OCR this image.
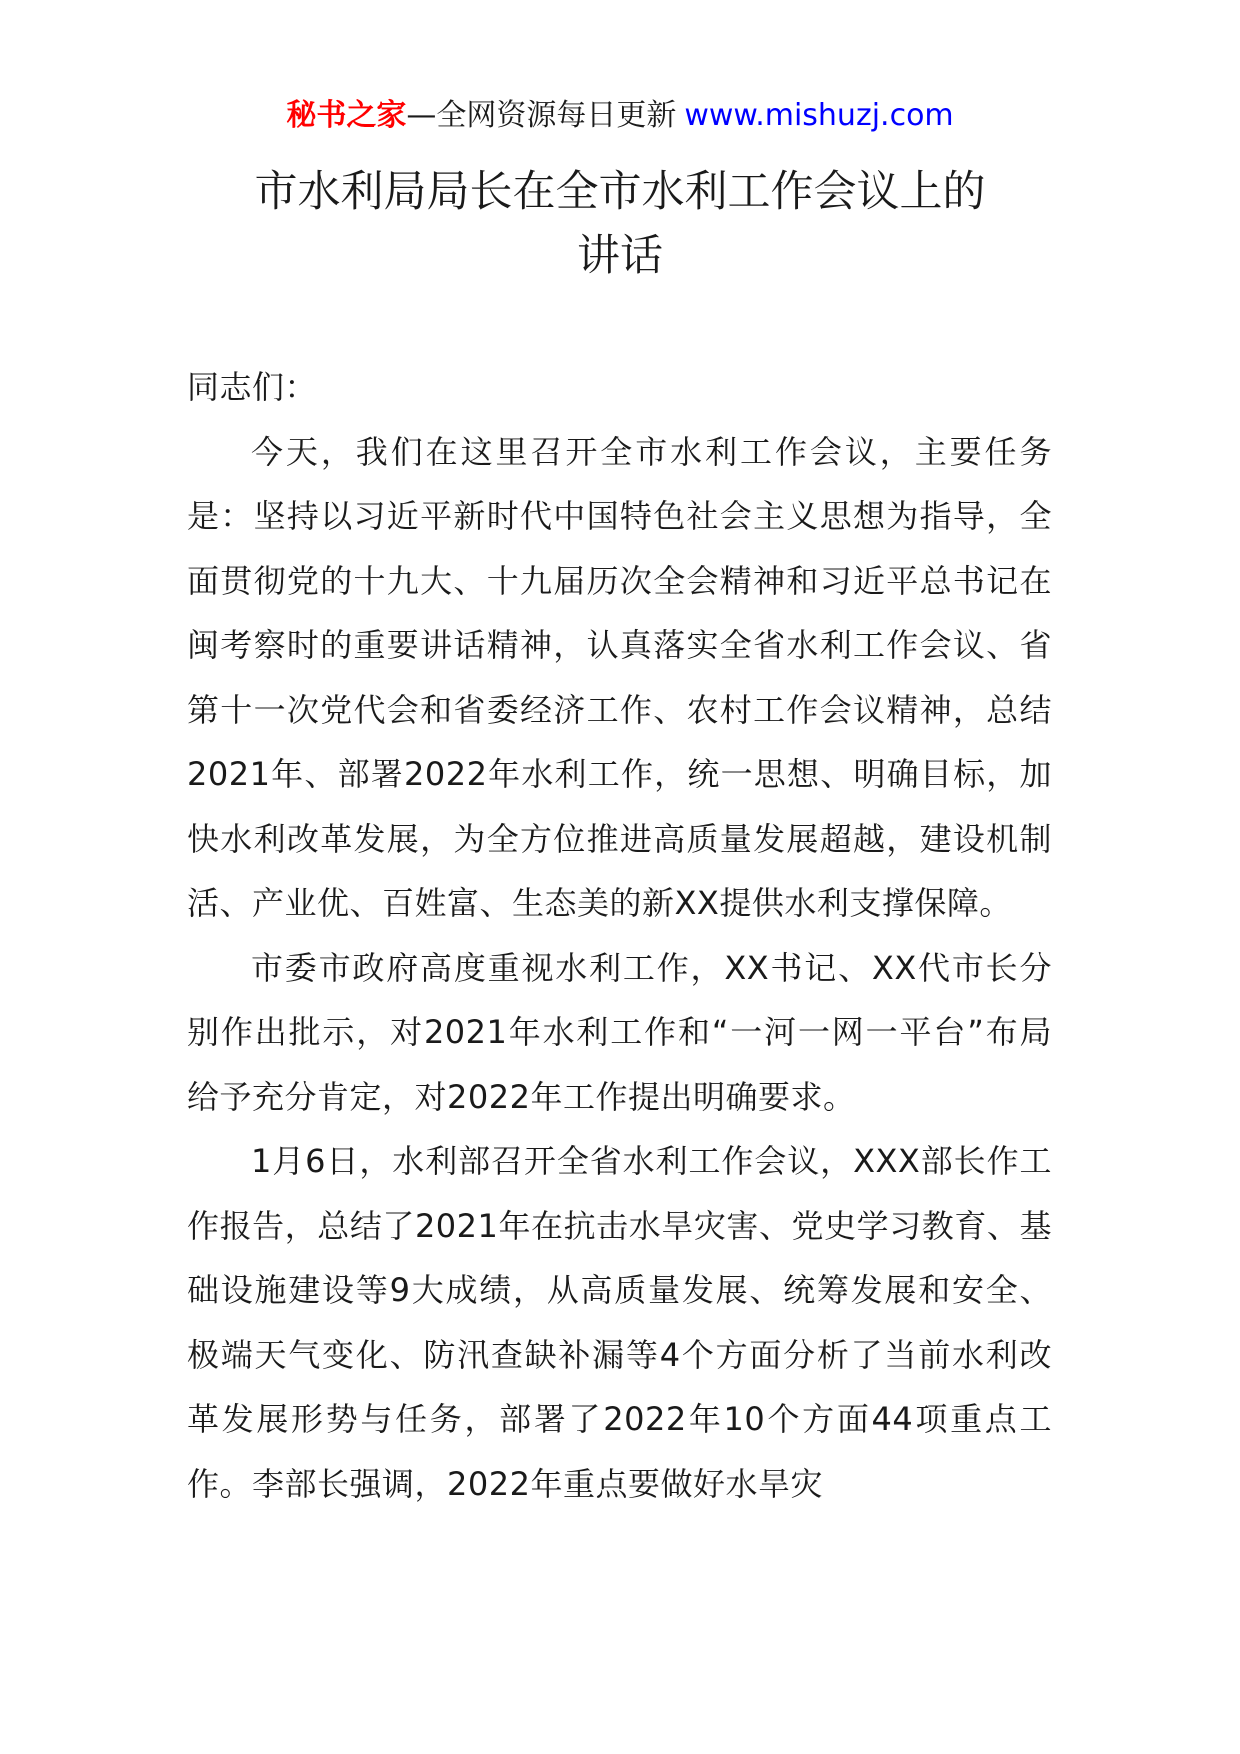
秘书之家—全网资源每日更新 www.mishuzj.com
市水利局局长在全市水利工作会议上的
讲话

同志们：

今天，我们在这里召开全市水利工作会议，主要任务是：坚持以习近平新时代中国特色社会主义思想为指导，全面贯彻党的十九大、十九届历次全会精神和习近平总书记在闽考察时的重要讲话精神，认真落实全省水利工作会议、省第十一次党代会和省委经济工作、农村工作会议精神，总结2021年、部署2022年水利工作，统一思想、明确目标，加快水利改革发展，为全方位推进高质量发展超越，建设机制活、产业优、百姓富、生态美的新XX提供水利支撑保障。

市委市政府高度重视水利工作，XX书记、XX代市长分别作出批示，对2021年水利工作和“一河一网一平台”布局给予充分肯定，对2022年工作提出明确要求。

1月6日，水利部召开全省水利工作会议，XXX部长作工作报告，总结了2021年在抗击水旱灾害、党史学习教育、基础设施建设等9大成绩，从高质量发展、统筹发展和安全、极端天气变化、防汛查缺补漏等4个方面分析了当前水利改革发展形势与任务，部署了2022年10个方面44项重点工作。李部长强调，2022年重点要做好水旱灾
